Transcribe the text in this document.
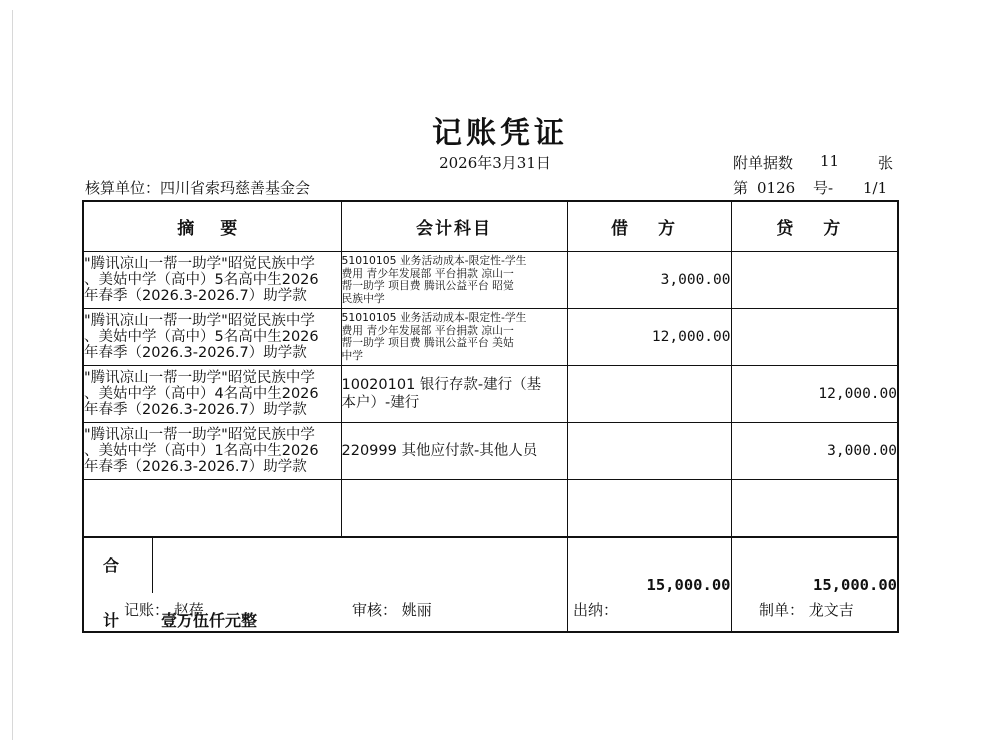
记账凭证
2026年3月31日	附单据数 11	张
核算单位：四川省索玛慈善基金会	第 0126 号- 1/1
摘 要	会计科目	借 方	贷 方
"腾讯凉山一帮一助学"昭觉民族中学
、美姑中学（高中）5名高中生2026
年春季（2026.3-2026.7）助学款	51010105 业务活动成本-限定性-学生
费用 青少年发展部 平台捐款 凉山一
帮一助学 项目费 腾讯公益平台 昭觉
民族中学	3,000.00	
"腾讯凉山一帮一助学"昭觉民族中学
、美姑中学（高中）5名高中生2026
年春季（2026.3-2026.7）助学款	51010105 业务活动成本-限定性-学生
费用 青少年发展部 平台捐款 凉山一
帮一助学 项目费 腾讯公益平台 美姑
中学	12,000.00	
"腾讯凉山一帮一助学"昭觉民族中学
、美姑中学（高中）4名高中生2026
年春季（2026.3-2026.7）助学款	10020101 银行存款-建行（基
本户）-建行		12,000.00
"腾讯凉山一帮一助学"昭觉民族中学
、美姑中学（高中）1名高中生2026
年春季（2026.3-2026.7）助学款	220999 其他应付款-其他人员		3,000.00

合 计 壹万伍仟元整		15,000.00	15,000.00
记账： 赵蓓	审核： 姚丽	出纳：	制单： 龙文吉
